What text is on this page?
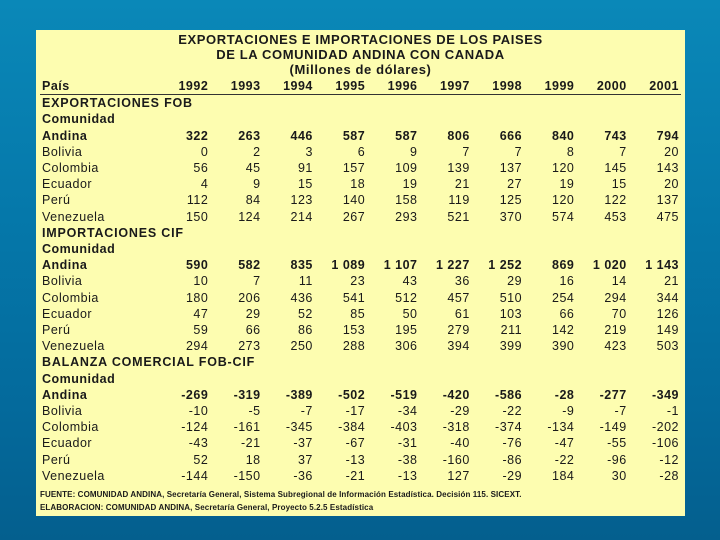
EXPORTACIONES E IMPORTACIONES DE LOS PAISES
DE LA COMUNIDAD ANDINA CON CANADA
(Millones de dólares)
País	1992	1993	1994	1995	1996	1997	1998	1999	2000	2001
EXPORTACIONES FOB										
Comunidad										
Andina	322	263	446	587	587	806	666	840	743	794
Bolivia	0	2	3	6	9	7	7	8	7	20
Colombia	56	45	91	157	109	139	137	120	145	143
Ecuador	4	9	15	18	19	21	27	19	15	20
Perú	112	84	123	140	158	119	125	120	122	137
Venezuela	150	124	214	267	293	521	370	574	453	475
IMPORTACIONES CIF										
Comunidad										
Andina	590	582	835	1 089	1 107	1 227	1 252	869	1 020	1 143
Bolivia	10	7	11	23	43	36	29	16	14	21
Colombia	180	206	436	541	512	457	510	254	294	344
Ecuador	47	29	52	85	50	61	103	66	70	126
Perú	59	66	86	153	195	279	211	142	219	149
Venezuela	294	273	250	288	306	394	399	390	423	503
BALANZA COMERCIAL FOB-CIF										
Comunidad										
Andina	-269	-319	-389	-502	-519	-420	-586	-28	-277	-349
Bolivia	-10	-5	-7	-17	-34	-29	-22	-9	-7	-1
Colombia	-124	-161	-345	-384	-403	-318	-374	-134	-149	-202
Ecuador	-43	-21	-37	-67	-31	-40	-76	-47	-55	-106
Perú	52	18	37	-13	-38	-160	-86	-22	-96	-12
Venezuela	-144	-150	-36	-21	-13	127	-29	184	30	-28
FUENTE: COMUNIDAD ANDINA, Secretaría General, Sistema Subregional de Información Estadística. Decisión 115. SICEXT.
ELABORACION: COMUNIDAD ANDINA, Secretaría General, Proyecto 5.2.5 Estadística
